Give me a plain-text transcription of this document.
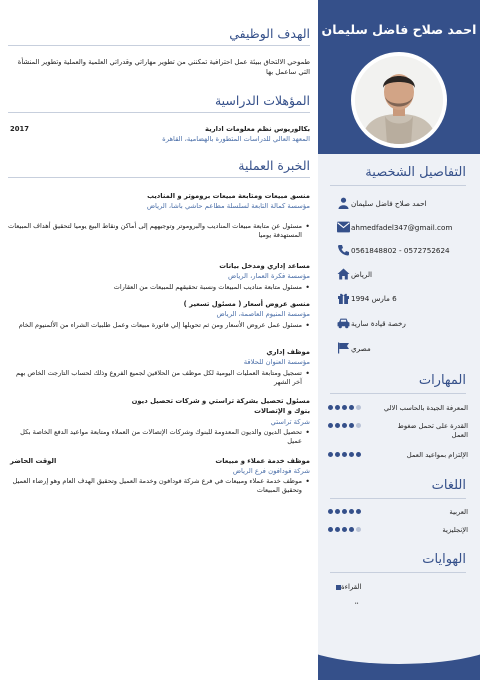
احمد صلاح فاضل سليمان
التفاصيل الشخصية
احمد صلاح فاضل سليمان
ahmedfadel347@gmail.com
0561848802 - 0572752624
الرياض
6 مارس 1994
رخصة قيادة سارية
مصري
المهارات
المعرفة الجيدة بالحاسب الالي
القدرة على تحمل ضغوط العمل
الإلتزام بمواعيد العمل
اللغات
العربية
الإنجليزية
الهوايات
القراءة
الهدف الوظيفي
طموحي الالتحاق ببيئة عمل احترافية تمكنني من تطوير مهاراتي وقدراتي العلمية والعملية وتطوير المنشأة التي ساعمل بها
المؤهلات الدراسية
بكالوريوس نظم معلومات ادارية
المعهد العالي للدراسات المتطورة بالهضامية، القاهرة
2017
الخبرة العملية
منسق مبيعات ومتابعة مبيعات بروموتر و المناديب
مؤسسة كمالة التابعة لسلسلة مطاعم حاشي باشا، الرياض
• مسئول عن متابعة مبيعات المناديب والبروموتر وتوجيههم إلى أماكن ونقاط البيع يوميا لتحقيق أهداف المبيعات المستهدفة يوميا
مساعد إداري ومدخل بيانات
مؤسسة فكرة العمار، الرياض
• مسئول متابعة مناديب المبيعات ونسبة تحقيقهم للمبيعات من العقارات
منسق عروض أسعار ( مسئول تسعير )
مؤسسة المنيوم العاصمة، الرياض
• مسئول عمل عروض الأسعار ومن ثم تحويلها إلي فاتورة مبيعات وعمل طلبيات الشراء من الألمنيوم الخام
موظف إداري
مؤسسة العنوان للحلاقة
• تسجيل ومتابعة العمليات اليومية لكل موظف من الحلاقين لجميع الفروع وذلك لحساب التارجت الخاص بهم آخر الشهر
مسئول تحصيل بشركة تراستي و شركات تحصيل ديون بنوك و الإتصالات
شركة تراستي
• تحصيل الديون والديون المعدومة للبنوك وشركات الإتصالات من العملاء ومتابعة مواعيد الدفع الخاصة بكل عميل
موظف خدمة عملاء و مبيعات
الوقت الحاضر
شركة فودافون فرع الرياض
• موظف خدمة عملاء ومبيعات في فرع شركة فودافون وخدمة العميل وتحقيق الهدف العام وهو إرضاء العميل وتحقيق المبيعات
